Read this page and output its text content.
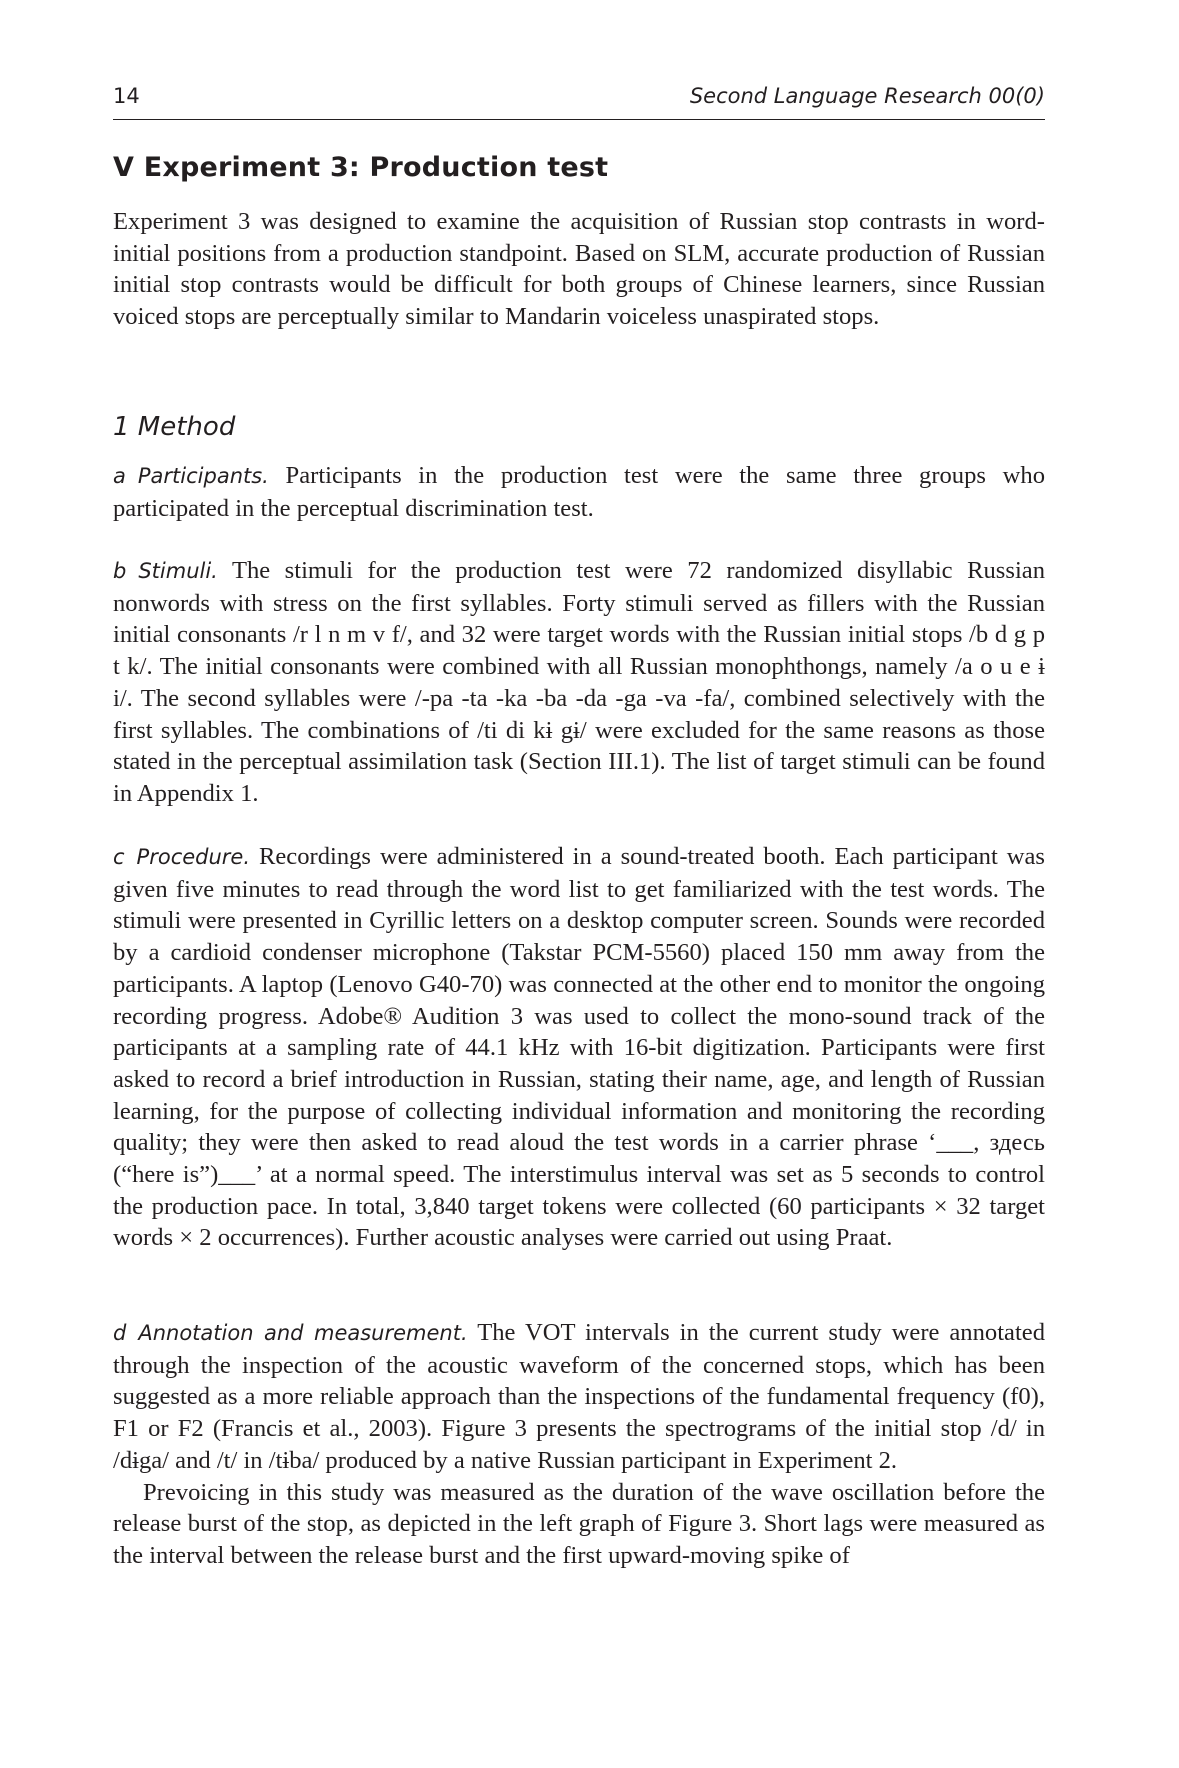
14	Second Language Research 00(0)
V Experiment 3: Production test

Experiment 3 was designed to examine the acquisition of Russian stop contrasts in word-initial positions from a production standpoint. Based on SLM, accurate production of Russian initial stop contrasts would be difficult for both groups of Chinese learners, since Russian voiced stops are perceptually similar to Mandarin voiceless unaspirated stops.

1 Method

a Participants. Participants in the production test were the same three groups who participated in the perceptual discrimination test.

b Stimuli. The stimuli for the production test were 72 randomized disyllabic Russian nonwords with stress on the first syllables. Forty stimuli served as fillers with the Russian initial consonants /r l n m v f/, and 32 were target words with the Russian initial stops /b d g p t k/. The initial consonants were combined with all Russian monophthongs, namely /a o u e ɨ i/. The second syllables were /-pa -ta -ka -ba -da -ga -va -fa/, combined selectively with the first syllables. The combinations of /ti di kɨ gɨ/ were excluded for the same reasons as those stated in the perceptual assimilation task (Section III.1). The list of target stimuli can be found in Appendix 1.

c Procedure. Recordings were administered in a sound-treated booth. Each participant was given five minutes to read through the word list to get familiarized with the test words. The stimuli were presented in Cyrillic letters on a desktop computer screen. Sounds were recorded by a cardioid condenser microphone (Takstar PCM-5560) placed 150 mm away from the participants. A laptop (Lenovo G40-70) was connected at the other end to monitor the ongoing recording progress. Adobe® Audition 3 was used to collect the mono-sound track of the participants at a sampling rate of 44.1 kHz with 16-bit digitization. Participants were first asked to record a brief introduction in Russian, stating their name, age, and length of Russian learning, for the purpose of collecting individual information and monitoring the recording quality; they were then asked to read aloud the test words in a carrier phrase ‘___, здесь (“here is”)___’ at a normal speed. The interstimulus interval was set as 5 seconds to control the production pace. In total, 3,840 target tokens were collected (60 participants × 32 target words × 2 occurrences). Further acoustic analyses were carried out using Praat.

d Annotation and measurement. The VOT intervals in the current study were annotated through the inspection of the acoustic waveform of the concerned stops, which has been suggested as a more reliable approach than the inspections of the fundamental frequency (f0), F1 or F2 (Francis et al., 2003). Figure 3 presents the spectrograms of the initial stop /d/ in /dɨga/ and /t/ in /tɨba/ produced by a native Russian participant in Experiment 2.

Prevoicing in this study was measured as the duration of the wave oscillation before the release burst of the stop, as depicted in the left graph of Figure 3. Short lags were measured as the interval between the release burst and the first upward-moving spike of
